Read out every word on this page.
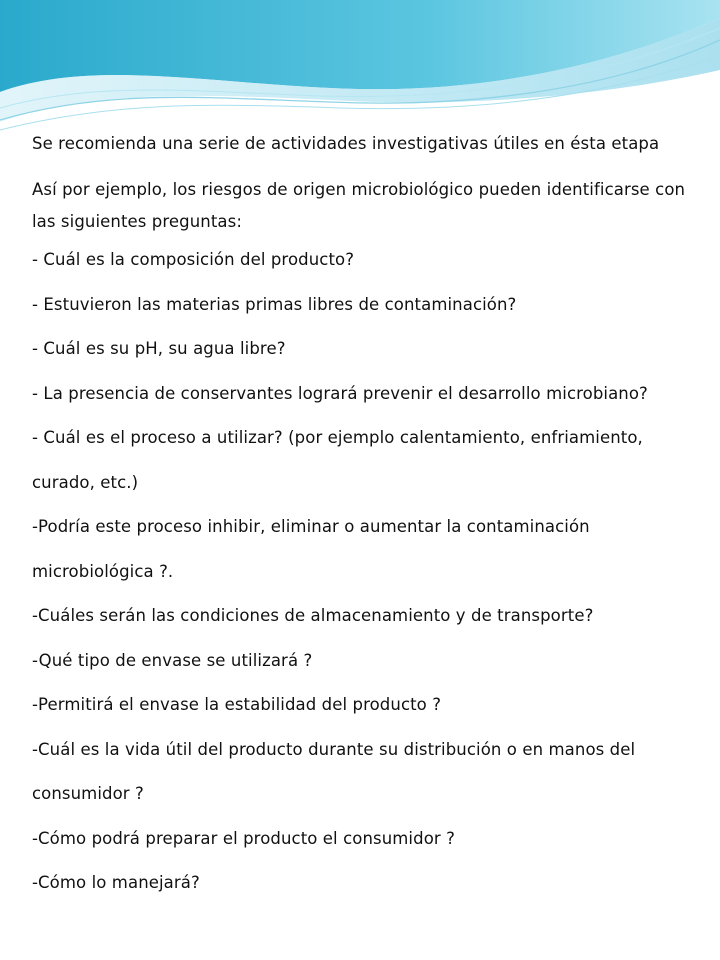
Se recomienda una serie de actividades investigativas útiles en ésta etapa

Así por ejemplo, los riesgos de origen microbiológico pueden identificarse con las siguientes preguntas:

- Cuál es la composición del producto?

- Estuvieron las materias primas libres de contaminación?

- Cuál es su pH, su agua libre?

- La presencia de conservantes logrará prevenir el desarrollo microbiano?

- Cuál es el proceso a utilizar? (por ejemplo calentamiento, enfriamiento,

curado, etc.)

-Podría este proceso inhibir, eliminar o aumentar la contaminación

microbiológica ?.

-Cuáles serán las condiciones de almacenamiento y de transporte?

-Qué tipo de envase se utilizará ?

-Permitirá el envase la estabilidad del producto ?

-Cuál es la vida útil del producto durante su distribución o en manos del

consumidor ?

-Cómo podrá preparar el producto el consumidor ?

-Cómo lo manejará?
